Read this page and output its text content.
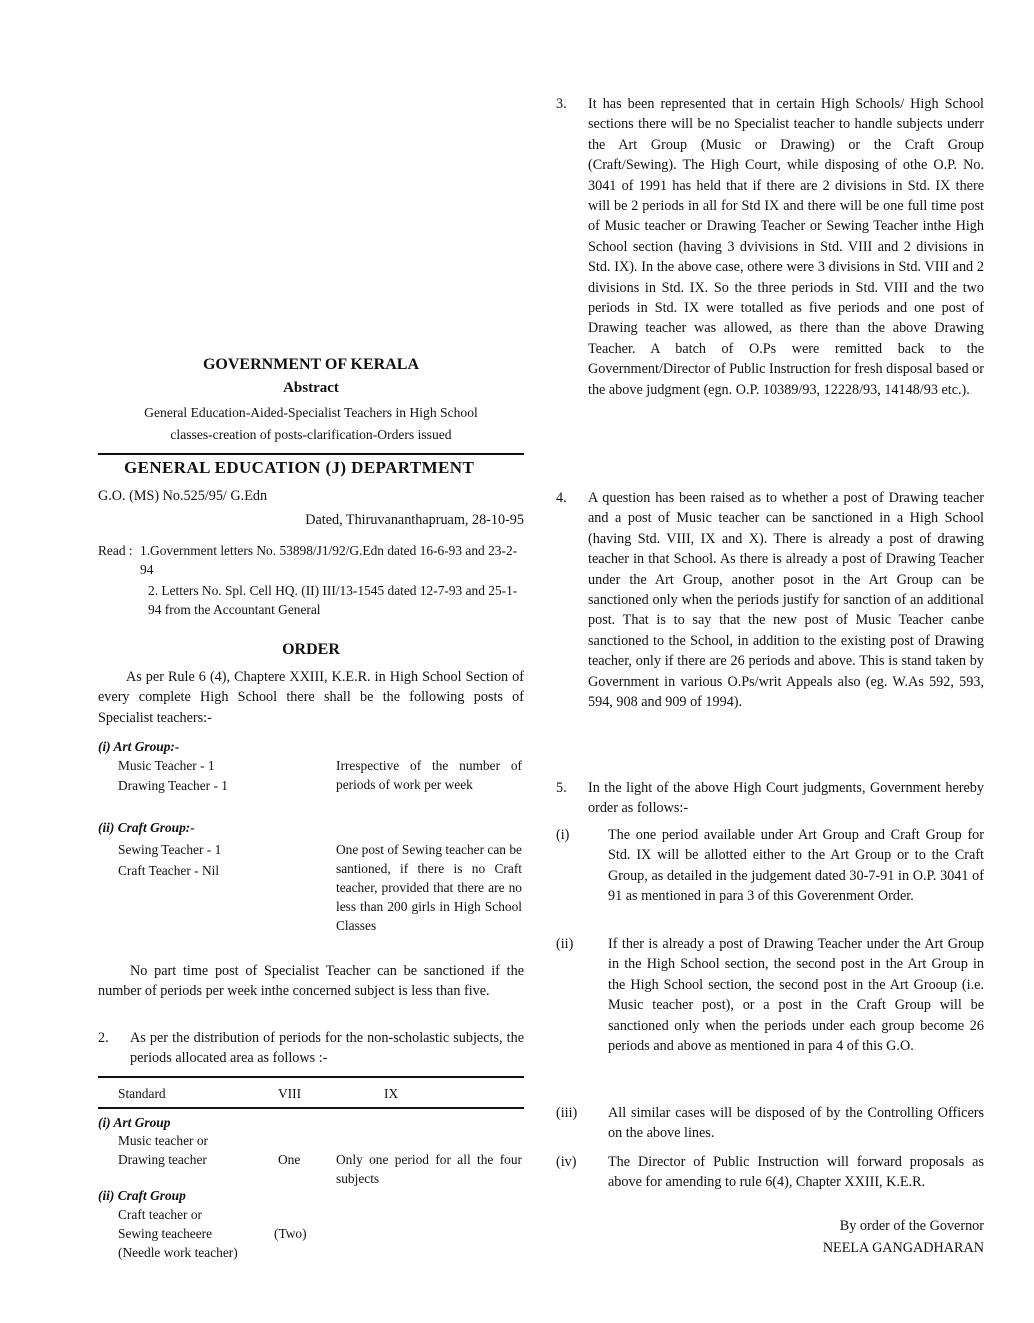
GOVERNMENT OF KERALA
Abstract
General Education-Aided-Specialist Teachers in High School
classes-creation of posts-clarification-Orders issued
GENERAL EDUCATION (J) DEPARTMENT
G.O. (MS) No.525/95/ G.Edn
Dated, Thiruvananthapruam, 28-10-95
Read : 1.Government letters No. 53898/J1/92/G.Edn dated 16-6-93 and 23-2-94
2. Letters No. Spl. Cell HQ. (II) III/13-1545 dated 12-7-93 and 25-1-94 from the Accountant General
ORDER
As per Rule 6 (4), Chaptere XXIII, K.E.R. in High School Section of every complete High School there shall be the following posts of Specialist teachers:-
(i) Art Group:-
Music Teacher - 1
Drawing Teacher - 1
Irrespective of the number of periods of work per week
(ii) Craft Group:-
Sewing Teacher - 1
Craft Teacher - Nil
One post of Sewing teacher can be santioned, if there is no Craft teacher, provided that there are no less than 200 girls in High School Classes
No part time post of Specialist Teacher can be sanctioned if the number of periods per week inthe concerned subject is less than five.
2.	As per the distribution of periods for the non-scholastic subjects, the periods allocated area as follows :-
Standard	VIII	IX
(i) Art Group
Music teacher or
Drawing teacher	One	Only one period for all the four subjects
(ii) Craft Group
Craft teacher or
Sewing teacheere	(Two)
(Needle work teacher)
3.	It has been represented that in certain High Schools/ High School sections there will be no Specialist teacher to handle subjects underr the Art Group (Music or Drawing) or the Craft Group (Craft/Sewing). The High Court, while disposing of othe O.P. No. 3041 of 1991 has held that if there are 2 divisions in Std. IX there will be 2 periods in all for Std IX and there will be one full time post of Music teacher or Drawing Teacher or Sewing Teacher inthe High School section (having 3 dvivisions in Std. VIII and 2 divisions in Std. IX). In the above case, othere were 3 divisions in Std. VIII and 2 divisions in Std. IX. So the three periods in Std. VIII and the two periods in Std. IX were totalled as five periods and one post of Drawing teacher was allowed, as there than the above Drawing Teacher. A batch of O.Ps were remitted back to the Government/Director of Public Instruction for fresh disposal based or the above judgment (egn. O.P. 10389/93, 12228/93, 14148/93 etc.).
4.	A question has been raised as to whether a post of Drawing teacher and a post of Music teacher can be sanctioned in a High School (having Std. VIII, IX and X). There is already a post of drawing teacher in that School. As there is already a post of Drawing Teacher under the Art Group, another posot in the Art Group can be sanctioned only when the periods justify for sanction of an additional post. That is to say that the new post of Music Teacher canbe sanctioned to the School, in addition to the existing post of Drawing teacher, only if there are 26 periods and above. This is stand taken by Government in various O.Ps/writ Appeals also (eg. W.As 592, 593, 594, 908 and 909 of 1994).
5.	In the light of the above High Court judgments, Government hereby order as follows:-
(i)	The one period available under Art Group and Craft Group for Std. IX will be allotted either to the Art Group or to the Craft Group, as detailed in the judgement dated 30-7-91 in O.P. 3041 of 91 as mentioned in para 3 of this Goverenment Order.
(ii)	If ther is already a post of Drawing Teacher under the Art Group in the High School section, the second post in the Art Group in the High School section, the second post in the Art Grooup (i.e. Music teacher post), or a post in the Craft Group will be sanctioned only when the periods under each group become 26 periods and above as mentioned in para 4 of this G.O.
(iii)	All similar cases will be disposed of by the Controlling Officers on the above lines.
(iv)	The Director of Public Instruction will forward proposals as above for amending to rule 6(4), Chapter XXIII, K.E.R.
By order of the Governor
NEELA GANGADHARAN
